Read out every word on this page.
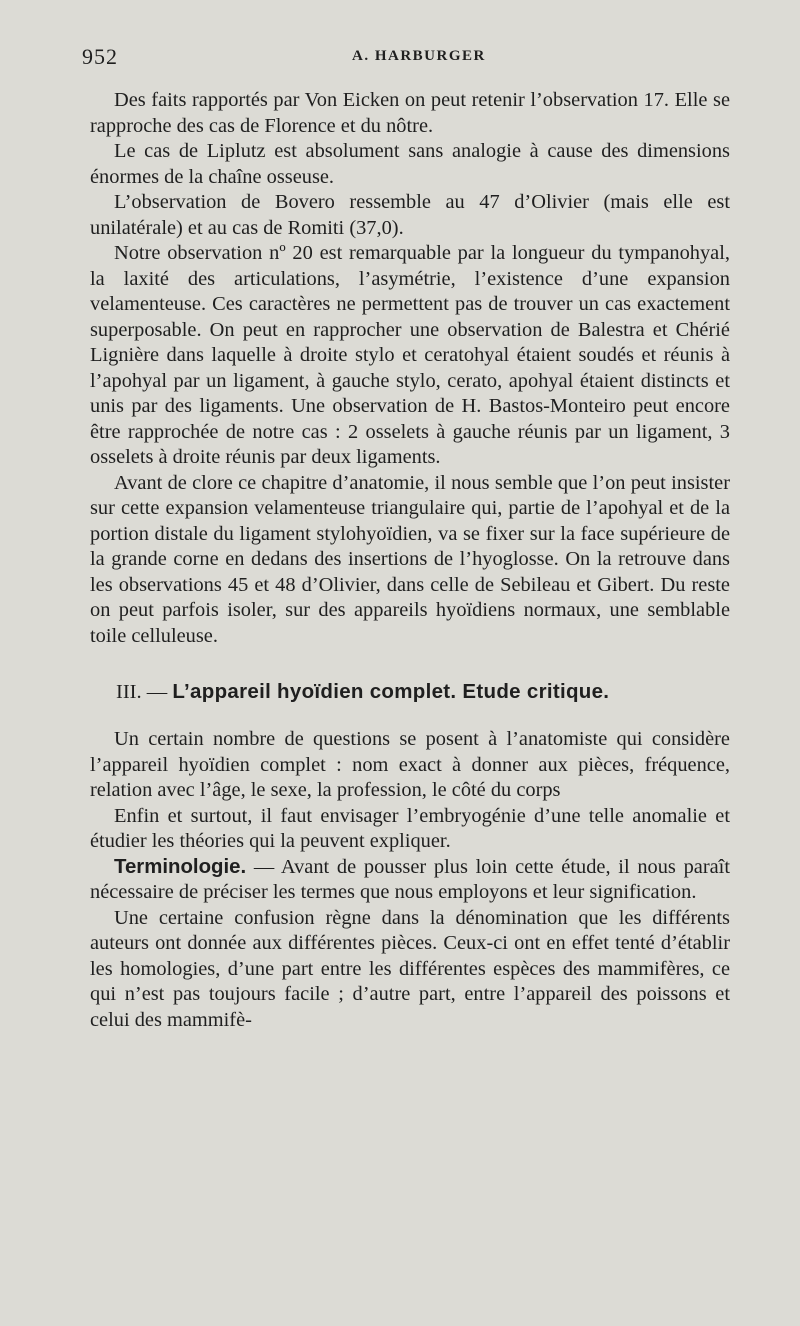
952	A. HARBURGER

Des faits rapportés par Von Eicken on peut retenir l’observation 17. Elle se rapproche des cas de Florence et du nôtre.

Le cas de Liplutz est absolument sans analogie à cause des dimensions énormes de la chaîne osseuse.

L’observation de Bovero ressemble au 47 d’Olivier (mais elle est unilatérale) et au cas de Romiti (37,0).

Notre observation nº 20 est remarquable par la longueur du tympanohyal, la laxité des articulations, l’asymétrie, l’existence d’une expansion velamenteuse. Ces caractères ne permettent pas de trouver un cas exactement superposable. On peut en rapprocher une observation de Balestra et Chérié Lignière dans laquelle à droite stylo et ceratohyal étaient soudés et réunis à l’apohyal par un ligament, à gauche stylo, cerato, apohyal étaient distincts et unis par des ligaments. Une observation de H. Bastos-Monteiro peut encore être rapprochée de notre cas : 2 osselets à gauche réunis par un ligament, 3 osselets à droite réunis par deux ligaments.

Avant de clore ce chapitre d’anatomie, il nous semble que l’on peut insister sur cette expansion velamenteuse triangulaire qui, partie de l’apohyal et de la portion distale du ligament stylohyoïdien, va se fixer sur la face supérieure de la grande corne en dedans des insertions de l’hyoglosse. On la retrouve dans les observations 45 et 48 d’Olivier, dans celle de Sebileau et Gibert. Du reste on peut parfois isoler, sur des appareils hyoïdiens normaux, une semblable toile celluleuse.

III. — L’appareil hyoïdien complet. Etude critique.

Un certain nombre de questions se posent à l’anatomiste qui considère l’appareil hyoïdien complet : nom exact à donner aux pièces, fréquence, relation avec l’âge, le sexe, la profession, le côté du corps

Enfin et surtout, il faut envisager l’embryogénie d’une telle anomalie et étudier les théories qui la peuvent expliquer.

Terminologie. — Avant de pousser plus loin cette étude, il nous paraît nécessaire de préciser les termes que nous employons et leur signification.

Une certaine confusion règne dans la dénomination que les différents auteurs ont donnée aux différentes pièces. Ceux-ci ont en effet tenté d’établir les homologies, d’une part entre les différentes espèces des mammifères, ce qui n’est pas toujours facile ; d’autre part, entre l’appareil des poissons et celui des mammifè-
